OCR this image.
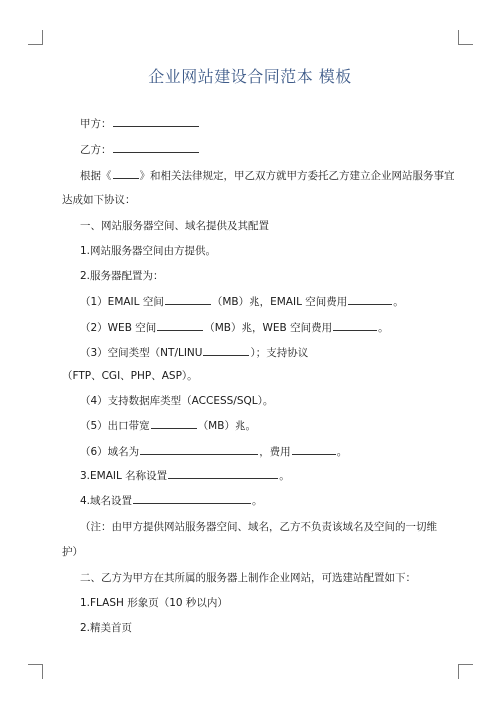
企业网站建设合同范本 模板
甲方：
乙方：
根据《	》和相关法律规定，甲乙双方就甲方委托乙方建立企业网站服务事宜
达成如下协议：
一、网站服务器空间、域名提供及其配置
1.网站服务器空间由方提供。
2.服务器配置为：
（1）EMAIL 空间	（MB）兆，EMAIL 空间费用	。
（2）WEB 空间	（MB）兆，WEB 空间费用	。
（3）空间类型（NT/LINU	）；支持协议
（FTP、CGI、PHP、ASP）。
（4）支持数据库类型（ACCESS/SQL）。
（5）出口带宽	（MB）兆。
（6）域名为	，费用	。
3.EMAIL 名称设置	。
4.域名设置	。
（注：由甲方提供网站服务器空间、域名，乙方不负责该域名及空间的一切维
护）
二、乙方为甲方在其所属的服务器上制作企业网站，可选建站配置如下：
1.FLASH 形象页（10 秒以内）
2.精美首页
